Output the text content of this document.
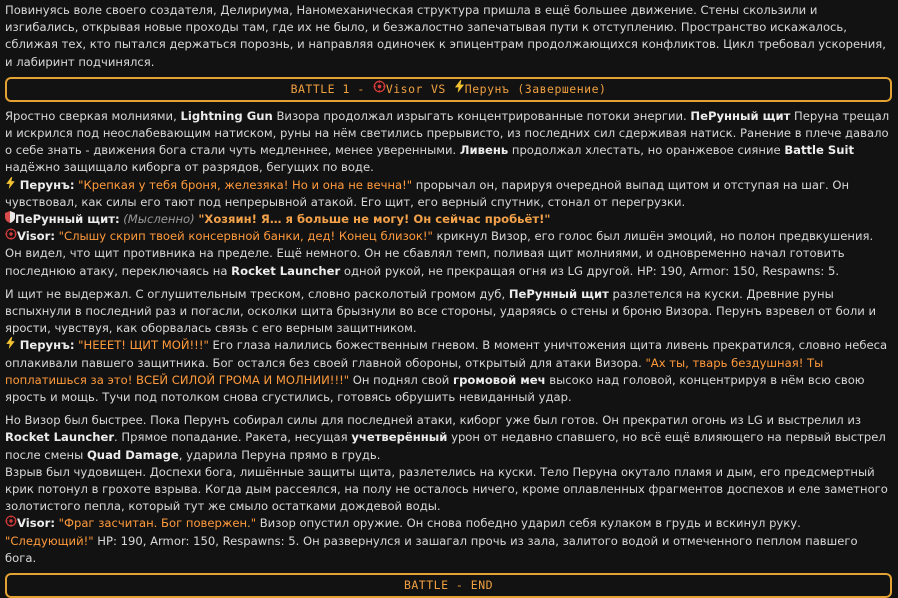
Повинуясь воле своего создателя, Делириума, Наномеханическая структура пришла в ещё большее движение. Стены скользили и изгибались, открывая новые проходы там, где их не было, и безжалостно запечатывая пути к отступлению. Пространство искажалось, сближая тех, кто пытался держаться порознь, и направляя одиночек к эпицентрам продолжающихся конфликтов. Цикл требовал ускорения, и лабиринт подчинялся.

BATTLE 1 - Visor VS Перунъ (Завершение)

Яростно сверкая молниями, Lightning Gun Визора продолжал изрыгать концентрированные потоки энергии. ПеРунный щит Перуна трещал и искрился под неослабевающим натиском, руны на нём светились прерывисто, из последних сил сдерживая натиск. Ранение в плече давало о себе знать - движения бога стали чуть медленнее, менее уверенными. Ливень продолжал хлестать, но оранжевое сияние Battle Suit надёжно защищало киборга от разрядов, бегущих по воде.

Перунъ: "Крепкая у тебя броня, железяка! Но и она не вечна!" прорычал он, парируя очередной выпад щитом и отступая на шаг. Он чувствовал, как силы его тают под непрерывной атакой. Его щит, его верный спутник, стонал от перегрузки.

ПеРунный щит: (Мысленно) "Хозяин! Я… я больше не могу! Он сейчас пробьёт!"

Visor: "Слышу скрип твоей консервной банки, дед! Конец близок!" крикнул Визор, его голос был лишён эмоций, но полон предвкушения. Он видел, что щит противника на пределе. Ещё немного. Он не сбавлял темп, поливая щит молниями, и одновременно начал готовить последнюю атаку, переключаясь на Rocket Launcher одной рукой, не прекращая огня из LG другой. HP: 190, Armor: 150, Respawns: 5.

И щит не выдержал. С оглушительным треском, словно расколотый громом дуб, ПеРунный щит разлетелся на куски. Древние руны вспыхнули в последний раз и погасли, осколки щита брызнули во все стороны, ударяясь о стены и броню Визора. Перунъ взревел от боли и ярости, чувствуя, как оборвалась связь с его верным защитником.

Перунъ: "НЕЕЕТ! ЩИТ МОЙ!!!" Его глаза налились божественным гневом. В момент уничтожения щита ливень прекратился, словно небеса оплакивали павшего защитника. Бог остался без своей главной обороны, открытый для атаки Визора. "Ах ты, тварь бездушная! Ты поплатишься за это! ВСЕЙ СИЛОЙ ГРОМА И МОЛНИИ!!!" Он поднял свой громовой меч высоко над головой, концентрируя в нём всю свою ярость и мощь. Тучи под потолком снова сгустились, готовясь обрушить невиданный удар.

Но Визор был быстрее. Пока Перунъ собирал силы для последней атаки, киборг уже был готов. Он прекратил огонь из LG и выстрелил из Rocket Launcher. Прямое попадание. Ракета, несущая учетверённый урон от недавно спавшего, но всё ещё влияющего на первый выстрел после смены Quad Damage, ударила Перуна прямо в грудь.

Взрыв был чудовищен. Доспехи бога, лишённые защиты щита, разлетелись на куски. Тело Перуна окутало пламя и дым, его предсмертный крик потонул в грохоте взрыва. Когда дым рассеялся, на полу не осталось ничего, кроме оплавленных фрагментов доспехов и еле заметного золотистого пепла, который тут же смыло остатками дождевой воды.

Visor: "Фраг засчитан. Бог повержен." Визор опустил оружие. Он снова победно ударил себя кулаком в грудь и вскинул руку. "Следующий!" HP: 190, Armor: 150, Respawns: 5. Он развернулся и зашагал прочь из зала, залитого водой и отмеченного пеплом павшего бога.

BATTLE - END
